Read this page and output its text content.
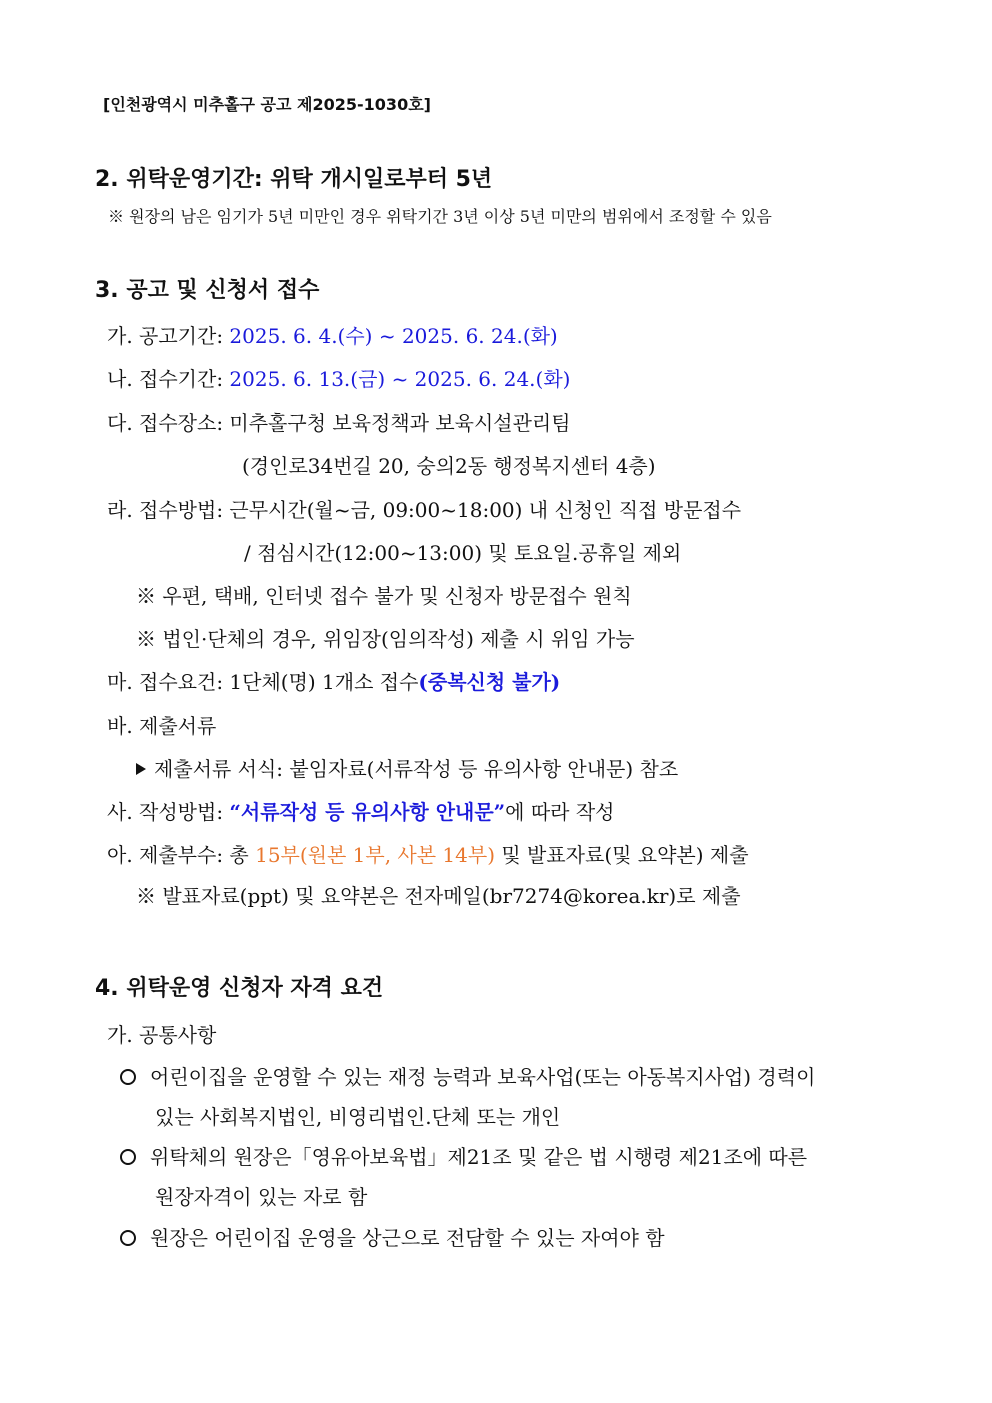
[인천광역시 미추홀구 공고 제2025-1030호]
2. 위탁운영기간: 위탁 개시일로부터 5년
※ 원장의 남은 임기가 5년 미만인 경우 위탁기간 3년 이상 5년 미만의 범위에서 조정할 수 있음
3. 공고 및 신청서 접수
가. 공고기간: 2025. 6. 4.(수) ~ 2025. 6. 24.(화)
나. 접수기간: 2025. 6. 13.(금) ~ 2025. 6. 24.(화)
다. 접수장소: 미추홀구청 보육정책과 보육시설관리팀
(경인로34번길 20, 숭의2동 행정복지센터 4층)
라. 접수방법: 근무시간(월~금, 09:00~18:00) 내 신청인 직접 방문접수
/ 점심시간(12:00~13:00) 및 토요일.공휴일 제외
※ 우편, 택배, 인터넷 접수 불가 및 신청자 방문접수 원칙
※ 법인·단체의 경우, 위임장(임의작성) 제출 시 위임 가능
마. 접수요건: 1단체(명) 1개소 접수(중복신청 불가)
바. 제출서류
제출서류 서식: 붙임자료(서류작성 등 유의사항 안내문) 참조
사. 작성방법: “서류작성 등 유의사항 안내문”에 따라 작성
아. 제출부수: 총 15부(원본 1부, 사본 14부) 및 발표자료(및 요약본) 제출
※ 발표자료(ppt) 및 요약본은 전자메일(br7274@korea.kr)로 제출
4. 위탁운영 신청자 자격 요건
가. 공통사항
어린이집을 운영할 수 있는 재정 능력과 보육사업(또는 아동복지사업) 경력이
있는 사회복지법인, 비영리법인.단체 또는 개인
위탁체의 원장은「영유아보육법」제21조 및 같은 법 시행령 제21조에 따른
원장자격이 있는 자로 함
원장은 어린이집 운영을 상근으로 전담할 수 있는 자여야 함
